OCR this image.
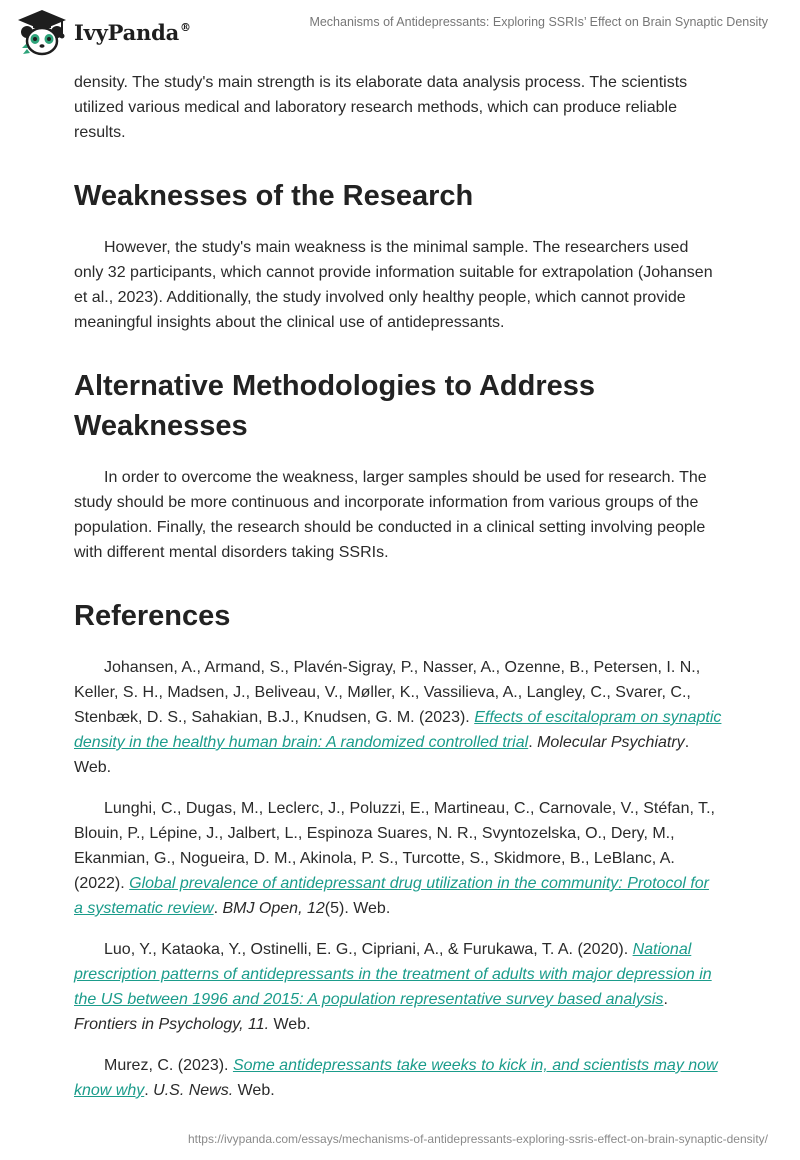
IvyPanda®	Mechanisms of Antidepressants: Exploring SSRIs’ Effect on Brain Synaptic Density

density. The study's main strength is its elaborate data analysis process. The scientists utilized various medical and laboratory research methods, which can produce reliable results.

Weaknesses of the Research

However, the study's main weakness is the minimal sample. The researchers used only 32 participants, which cannot provide information suitable for extrapolation (Johansen et al., 2023). Additionally, the study involved only healthy people, which cannot provide meaningful insights about the clinical use of antidepressants.

Alternative Methodologies to Address Weaknesses

In order to overcome the weakness, larger samples should be used for research. The study should be more continuous and incorporate information from various groups of the population. Finally, the research should be conducted in a clinical setting involving people with different mental disorders taking SSRIs.

References

Johansen, A., Armand, S., Plavén-Sigray, P., Nasser, A., Ozenne, B., Petersen, I. N., Keller, S. H., Madsen, J., Beliveau, V., Møller, K., Vassilieva, A., Langley, C., Svarer, C., Stenbæk, D. S., Sahakian, B.J., Knudsen, G. M. (2023). Effects of escitalopram on synaptic density in the healthy human brain: A randomized controlled trial. Molecular Psychiatry. Web.

Lunghi, C., Dugas, M., Leclerc, J., Poluzzi, E., Martineau, C., Carnovale, V., Stéfan, T., Blouin, P., Lépine, J., Jalbert, L., Espinoza Suares, N. R., Svyntozelska, O., Dery, M., Ekanmian, G., Nogueira, D. M., Akinola, P. S., Turcotte, S., Skidmore, B., LeBlanc, A. (2022). Global prevalence of antidepressant drug utilization in the community: Protocol for a systematic review. BMJ Open, 12(5). Web.

Luo, Y., Kataoka, Y., Ostinelli, E. G., Cipriani, A., & Furukawa, T. A. (2020). National prescription patterns of antidepressants in the treatment of adults with major depression in the US between 1996 and 2015: A population representative survey based analysis. Frontiers in Psychology, 11. Web.

Murez, C. (2023). Some antidepressants take weeks to kick in, and scientists may now know why. U.S. News. Web.

https://ivypanda.com/essays/mechanisms-of-antidepressants-exploring-ssris-effect-on-brain-synaptic-density/
